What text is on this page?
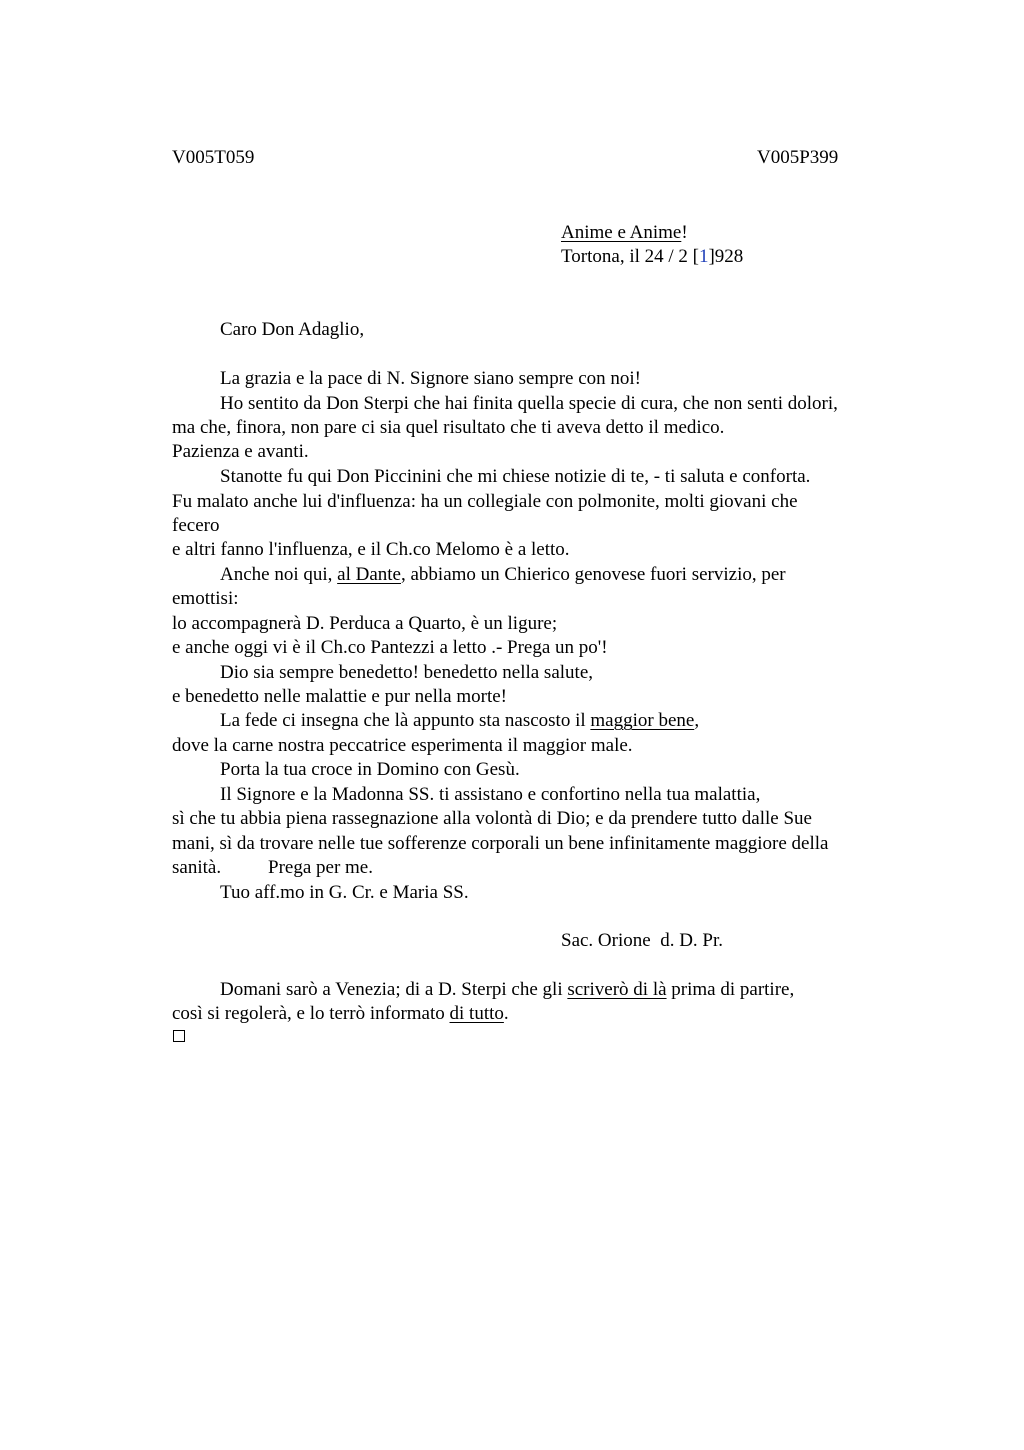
V005T059	V005P399
Anime e Anime!
Tortona, il 24 / 2 [1]928
Caro Don Adaglio,
La grazia e la pace di N. Signore siano sempre con noi!
Ho sentito da Don Sterpi che hai finita quella specie di cura, che non senti dolori,
ma che, finora, non pare ci sia quel risultato che ti aveva detto il medico.
Pazienza e avanti.
Stanotte fu qui Don Piccinini che mi chiese notizie di te, - ti saluta e conforta.
Fu malato anche lui d'influenza: ha un collegiale con polmonite, molti giovani che
fecero
e altri fanno l'influenza, e il Ch.co Melomo è a letto.
Anche noi qui, al Dante, abbiamo un Chierico genovese fuori servizio, per
emottisi:
lo accompagnerà D. Perduca a Quarto, è un ligure;
e anche oggi vi è il Ch.co Pantezzi a letto .- Prega un po'!
Dio sia sempre benedetto! benedetto nella salute,
e benedetto nelle malattie e pur nella morte!
La fede ci insegna che là appunto sta nascosto il maggior bene,
dove la carne nostra peccatrice esperimenta il maggior male.
Porta la tua croce in Domino con Gesù.
Il Signore e la Madonna SS. ti assistano e confortino nella tua malattia,
sì che tu abbia piena rassegnazione alla volontà di Dio; e da prendere tutto dalle Sue
mani, sì da trovare nelle tue sofferenze corporali un bene infinitamente maggiore della
sanità. Prega per me.
Tuo aff.mo in G. Cr. e Maria SS.
Sac. Orione  d. D. Pr.
Domani sarò a Venezia; di a D. Sterpi che gli scriverò di là prima di partire,
così si regolerà, e lo terrò informato di tutto.
